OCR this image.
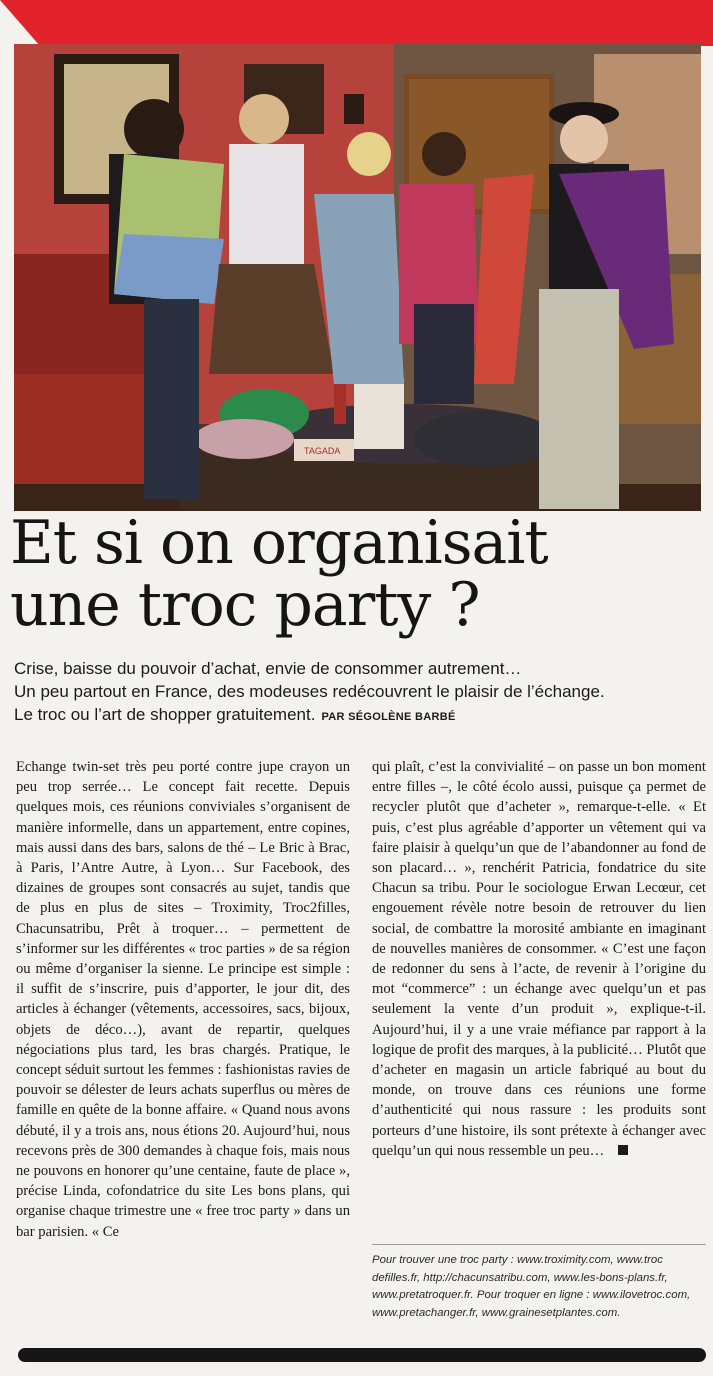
TAGADA
Et si on organisait
une troc party ?
Crise, baisse du pouvoir d’achat, envie de consommer autrement…
Un peu partout en France, des modeuses redécouvrent le plaisir de l’échange.
Le troc ou l’art de shopper gratuitement. PAR SÉGOLÈNE BARBÉ

Echange twin-set très peu porté contre jupe crayon un peu trop serrée… Le concept fait recette. Depuis quelques mois, ces réunions conviviales s’organisent de manière informelle, dans un appartement, entre copines, mais aussi dans des bars, salons de thé – Le Bric à Brac, à Paris, l’Antre Autre, à Lyon… Sur Facebook, des dizaines de groupes sont consacrés au sujet, tandis que de plus en plus de sites – Troximity, Troc2filles, Chacunsatribu, Prêt à troquer… – permettent de s’informer sur les différentes « troc parties » de sa région ou même d’organiser la sienne. Le principe est simple : il suffit de s’inscrire, puis d’apporter, le jour dit, des articles à échanger (vêtements, accessoires, sacs, bijoux, objets de déco…), avant de repartir, quelques négociations plus tard, les bras chargés. Pratique, le concept séduit surtout les femmes : fashionistas ravies de pouvoir se délester de leurs achats superflus ou mères de famille en quête de la bonne affaire. « Quand nous avons débuté, il y a trois ans, nous étions 20. Aujourd’hui, nous recevons près de 300 demandes à chaque fois, mais nous ne pouvons en honorer qu’une centaine, faute de place », précise Linda, cofondatrice du site Les bons plans, qui organise chaque trimestre une « free troc party » dans un bar parisien. « Ce

qui plaît, c’est la convivialité – on passe un bon moment entre filles –, le côté écolo aussi, puisque ça permet de recycler plutôt que d’acheter », remarque-t-elle. « Et puis, c’est plus agréable d’apporter un vêtement qui va faire plaisir à quelqu’un que de l’abandonner au fond de son placard… », renchérit Patricia, fondatrice du site Chacun sa tribu. Pour le sociologue Erwan Lecœur, cet engouement révèle notre besoin de retrouver du lien social, de combattre la morosité ambiante en imaginant de nouvelles manières de consommer. « C’est une façon de redonner du sens à l’acte, de revenir à l’origine du mot “commerce” : un échange avec quelqu’un et pas seulement la vente d’un produit », explique-t-il. Aujourd’hui, il y a une vraie méfiance par rapport à la logique de profit des marques, à la publicité… Plutôt que d’acheter en magasin un article fabriqué au bout du monde, on trouve dans ces réunions une forme d’authenticité qui nous rassure : les produits sont porteurs d’une histoire, ils sont prétexte à échanger avec quelqu’un qui nous ressemble un peu…

Pour trouver une troc party : www.troximity.com, www.troc defilles.fr, http://chacunsatribu.com, www.les-bons-plans.fr, www.pretatroquer.fr. Pour troquer en ligne : www.ilovetroc.com, www.pretachanger.fr, www.grainesetplantes.com.
